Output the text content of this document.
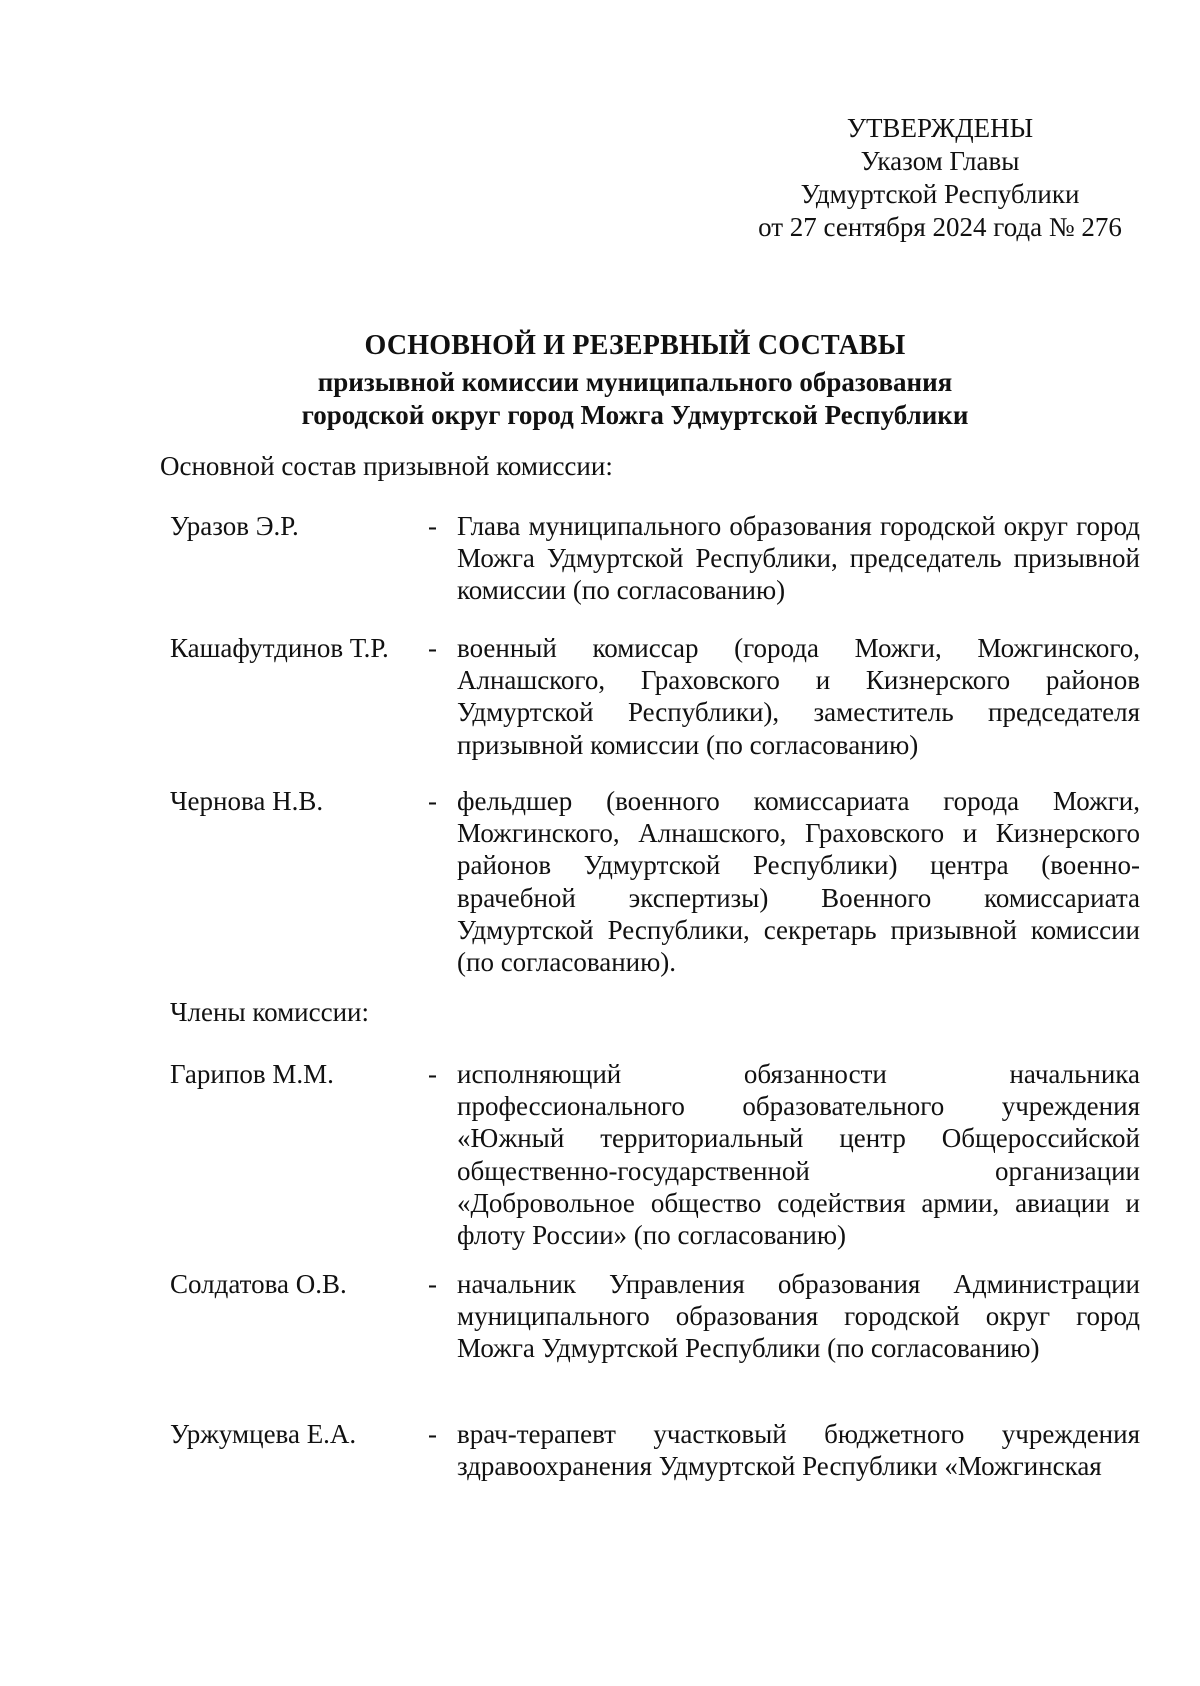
УТВЕРЖДЕНЫ
Указом Главы
Удмуртской Республики
от 27 сентября 2024 года № 276
ОСНОВНОЙ И РЕЗЕРВНЫЙ СОСТАВЫ
призывной комиссии муниципального образования
городской округ город Можга Удмуртской Республики
Основной состав призывной комиссии:
Уразов Э.Р.	- Глава муниципального образования городской округ город Можга Удмуртской Республики, председатель призывной комиссии (по согласованию)
Кашафутдинов Т.Р. - военный комиссар (города Можги, Можгинского, Алнашского, Граховского и Кизнерского районов Удмуртской Республики), заместитель председателя призывной комиссии (по согласованию)
Чернова Н.В.	- фельдшер (военного комиссариата города Можги, Можгинского, Алнашского, Граховского и Кизнерского районов Удмуртской Республики) центра (военно-врачебной экспертизы) Военного комиссариата Удмуртской Республики, секретарь призывной комиссии (по согласованию).
Члены комиссии:
Гарипов М.М.	- исполняющий обязанности начальника профессионального образовательного учреждения «Южный территориальный центр Общероссийской общественно-государственной организации «Добровольное общество содействия армии, авиации и флоту России» (по согласованию)
Солдатова О.В.	- начальник Управления образования Администрации муниципального образования городской округ город Можга Удмуртской Республики (по согласованию)
Уржумцева Е.А.	- врач-терапевт участковый бюджетного учреждения здравоохранения Удмуртской Республики «Можгинская
